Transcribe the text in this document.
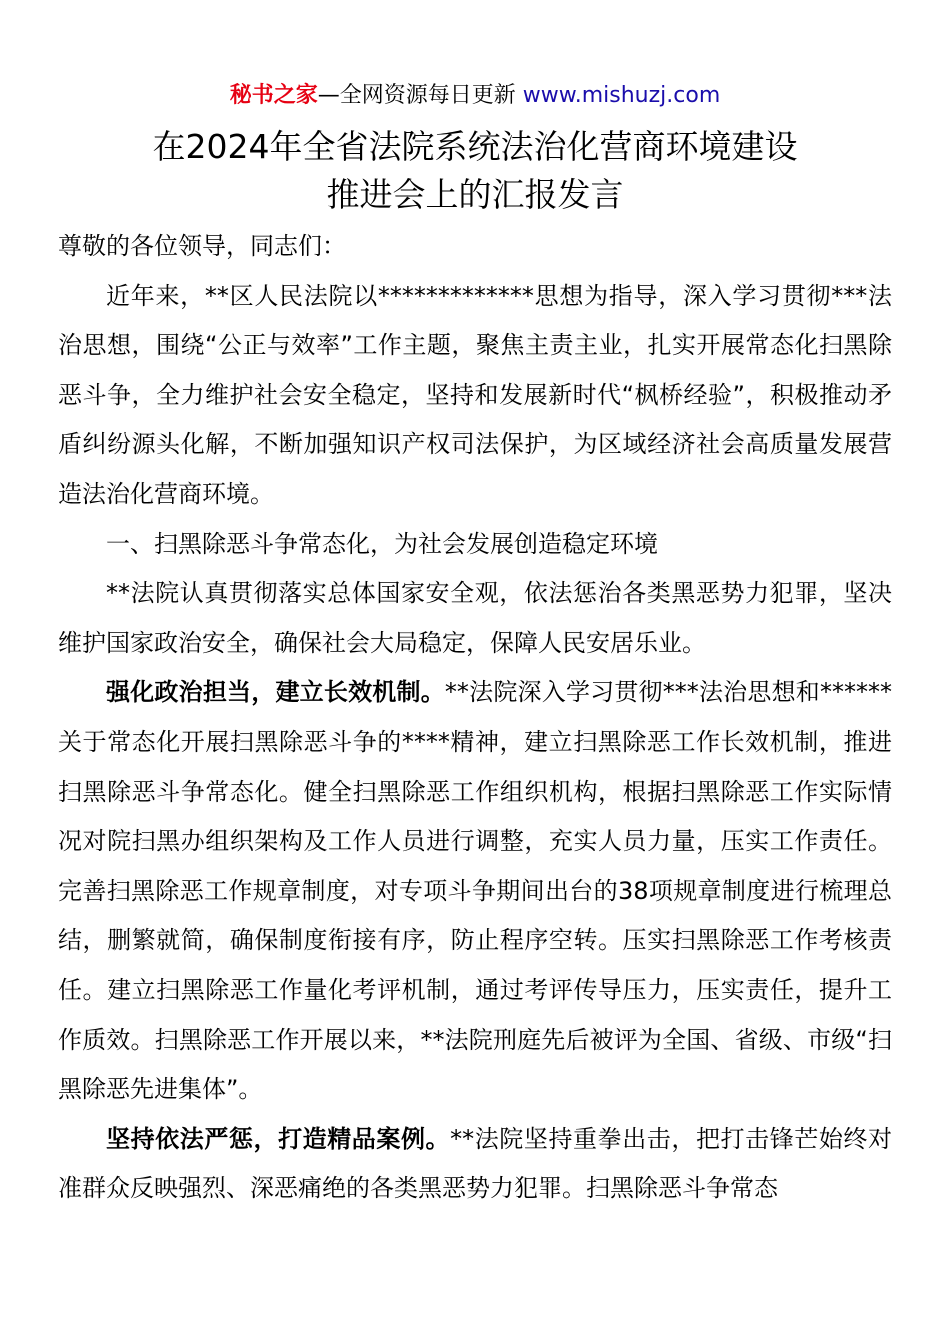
秘书之家—全网资源每日更新 www.mishuzj.com
在2024年全省法院系统法治化营商环境建设
推进会上的汇报发言

尊敬的各位领导，同志们：

近年来，**区人民法院以*************思想为指导，深入学习贯彻***法治思想，围绕“公正与效率”工作主题，聚焦主责主业，扎实开展常态化扫黑除恶斗争，全力维护社会安全稳定，坚持和发展新时代“枫桥经验”，积极推动矛盾纠纷源头化解，不断加强知识产权司法保护，为区域经济社会高质量发展营造法治化营商环境。

一、扫黑除恶斗争常态化，为社会发展创造稳定环境

**法院认真贯彻落实总体国家安全观，依法惩治各类黑恶势力犯罪，坚决维护国家政治安全，确保社会大局稳定，保障人民安居乐业。

强化政治担当，建立长效机制。**法院深入学习贯彻***法治思想和******关于常态化开展扫黑除恶斗争的****精神，建立扫黑除恶工作长效机制，推进扫黑除恶斗争常态化。健全扫黑除恶工作组织机构，根据扫黑除恶工作实际情况对院扫黑办组织架构及工作人员进行调整，充实人员力量，压实工作责任。完善扫黑除恶工作规章制度，对专项斗争期间出台的38项规章制度进行梳理总结，删繁就简，确保制度衔接有序，防止程序空转。压实扫黑除恶工作考核责任。建立扫黑除恶工作量化考评机制，通过考评传导压力，压实责任，提升工作质效。扫黑除恶工作开展以来，**法院刑庭先后被评为全国、省级、市级“扫黑除恶先进集体”。

坚持依法严惩，打造精品案例。**法院坚持重拳出击，把打击锋芒始终对准群众反映强烈、深恶痛绝的各类黑恶势力犯罪。扫黑除恶斗争常态
